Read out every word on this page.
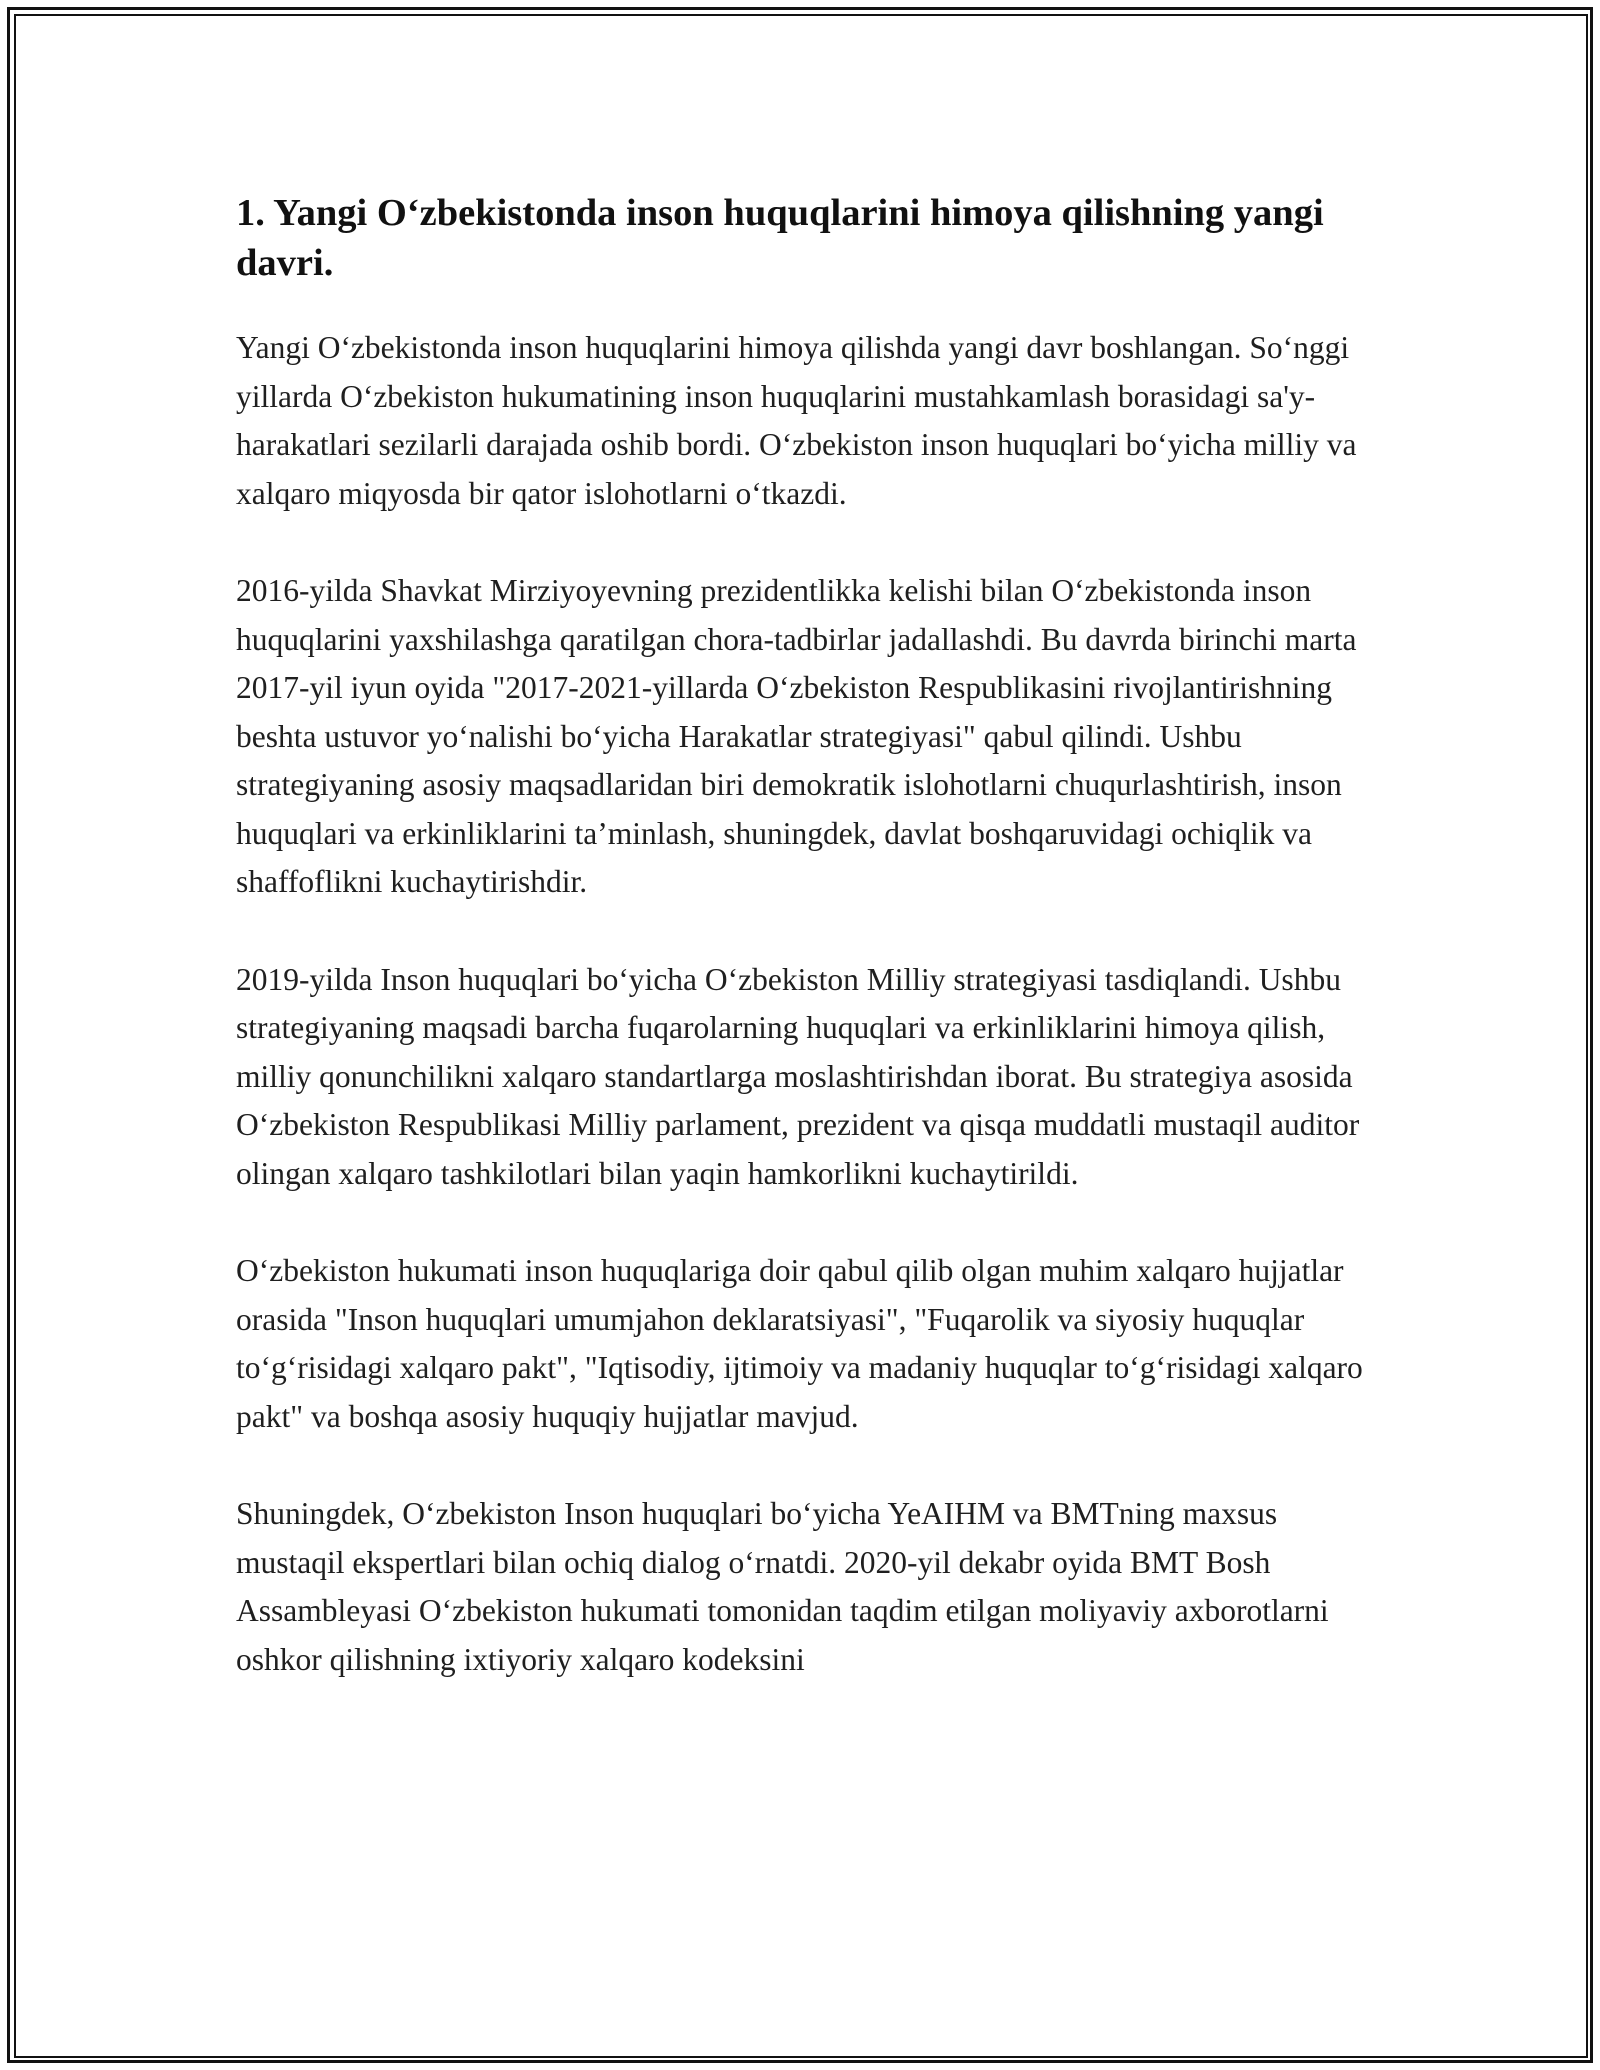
1. Yangi O‘zbekistonda inson huquqlarini himoya qilishning yangi davri.

Yangi O‘zbekistonda inson huquqlarini himoya qilishda yangi davr boshlangan. So‘nggi yillarda O‘zbekiston hukumatining inson huquqlarini mustahkamlash borasidagi sa'y-harakatlari sezilarli darajada oshib bordi. O‘zbekiston inson huquqlari bo‘yicha milliy va xalqaro miqyosda bir qator islohotlarni o‘tkazdi.

2016-yilda Shavkat Mirziyoyevning prezidentlikka kelishi bilan O‘zbekistonda inson huquqlarini yaxshilashga qaratilgan chora-tadbirlar jadallashdi. Bu davrda birinchi marta 2017-yil iyun oyida "2017-2021-yillarda O‘zbekiston Respublikasini rivojlantirishning beshta ustuvor yo‘nalishi bo‘yicha Harakatlar strategiyasi" qabul qilindi. Ushbu strategiyaning asosiy maqsadlaridan biri demokratik islohotlarni chuqurlashtirish, inson huquqlari va erkinliklarini ta’minlash, shuningdek, davlat boshqaruvidagi ochiqlik va shaffoflikni kuchaytirishdir.

2019-yilda Inson huquqlari bo‘yicha O‘zbekiston Milliy strategiyasi tasdiqlandi. Ushbu strategiyaning maqsadi barcha fuqarolarning huquqlari va erkinliklarini himoya qilish, milliy qonunchilikni xalqaro standartlarga moslashtirishdan iborat. Bu strategiya asosida O‘zbekiston Respublikasi Milliy parlament, prezident va qisqa muddatli mustaqil auditor olingan xalqaro tashkilotlari bilan yaqin hamkorlikni kuchaytirildi.

O‘zbekiston hukumati inson huquqlariga doir qabul qilib olgan muhim xalqaro hujjatlar orasida "Inson huquqlari umumjahon deklaratsiyasi", "Fuqarolik va siyosiy huquqlar to‘g‘risidagi xalqaro pakt", "Iqtisodiy, ijtimoiy va madaniy huquqlar to‘g‘risidagi xalqaro pakt" va boshqa asosiy huquqiy hujjatlar mavjud.

Shuningdek, O‘zbekiston Inson huquqlari bo‘yicha YeAIHM va BMTning maxsus mustaqil ekspertlari bilan ochiq dialog o‘rnatdi. 2020-yil dekabr oyida BMT Bosh Assambleyasi O‘zbekiston hukumati tomonidan taqdim etilgan moliyaviy axborotlarni oshkor qilishning ixtiyoriy xalqaro kodeksini
